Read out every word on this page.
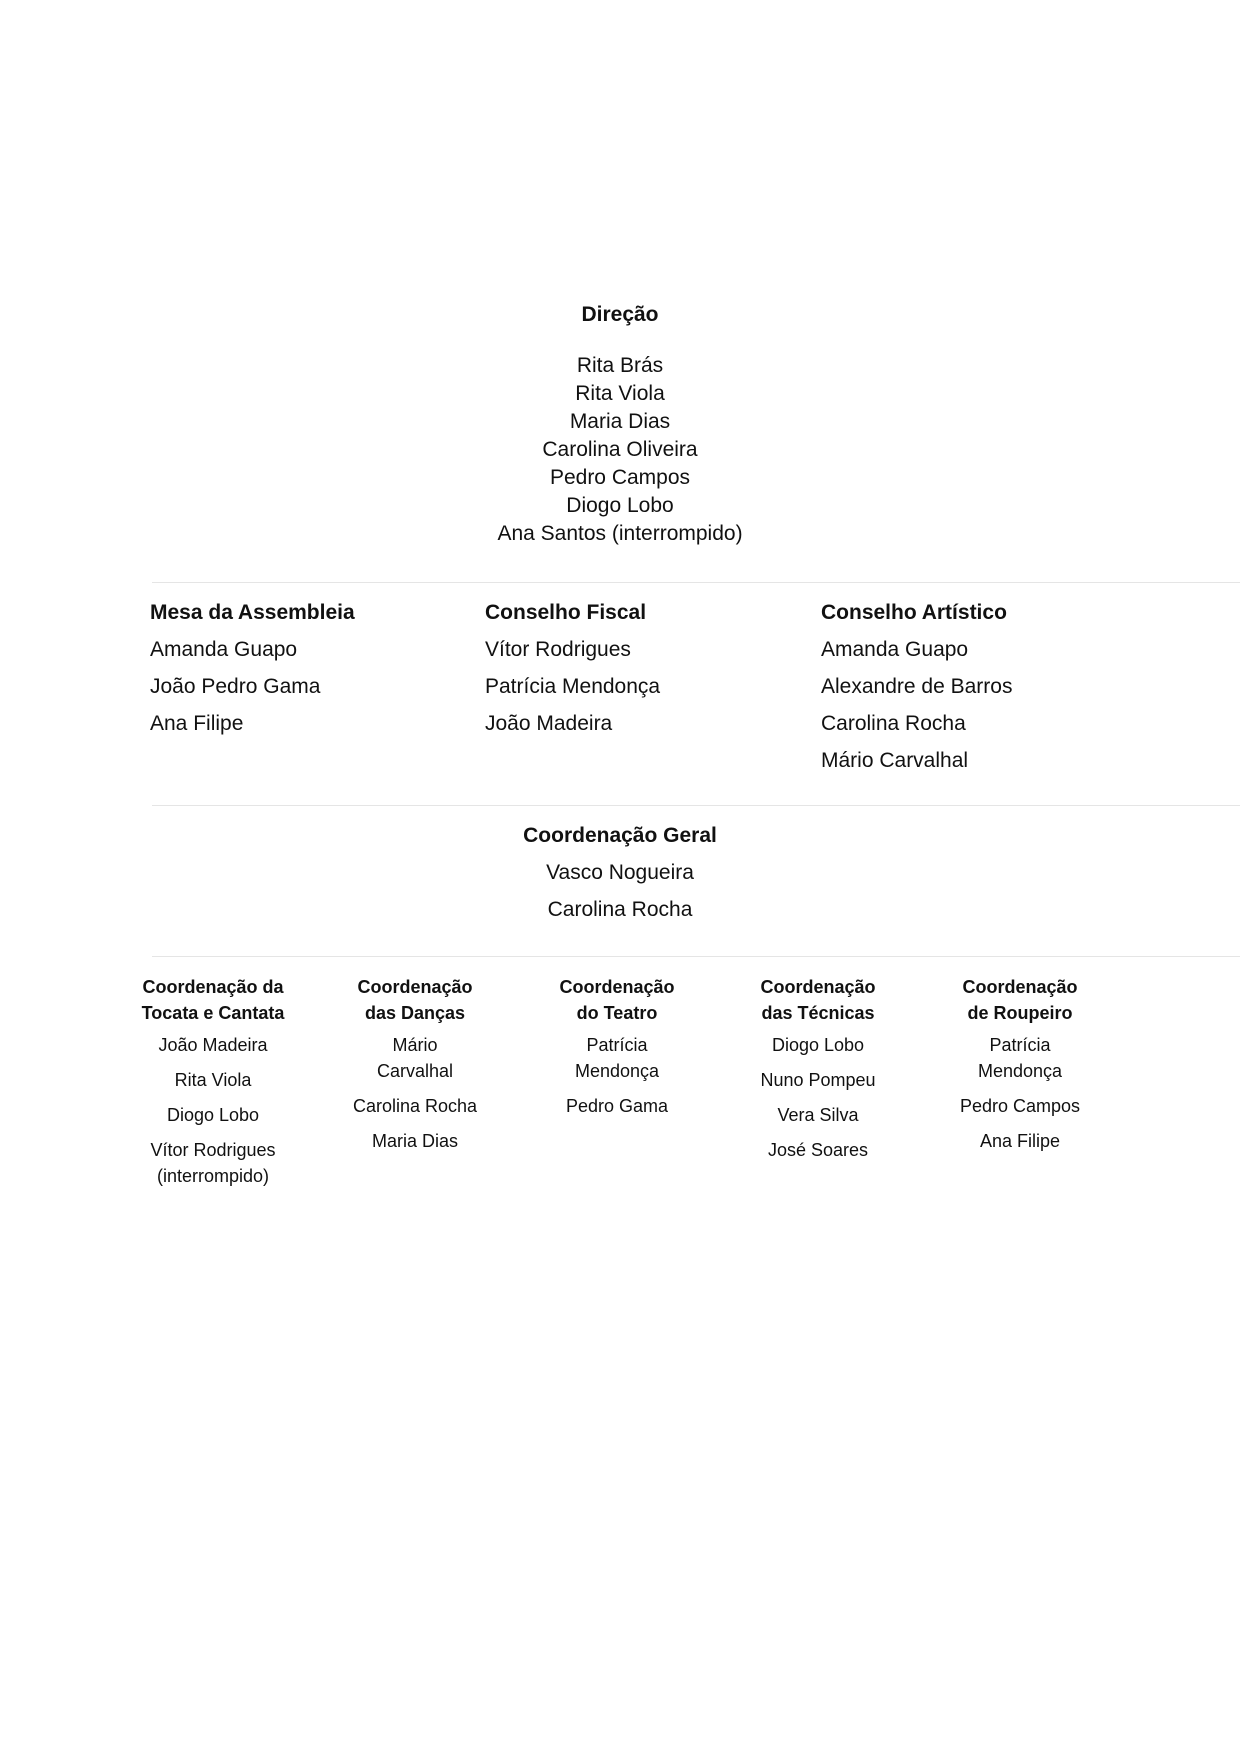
Direção
Rita Brás
Rita Viola
Maria Dias
Carolina Oliveira
Pedro Campos
Diogo Lobo
Ana Santos (interrompido)
Mesa da Assembleia
Amanda Guapo
João Pedro Gama
Ana Filipe
Conselho Fiscal
Vítor Rodrigues
Patrícia Mendonça
João Madeira
Conselho Artístico
Amanda Guapo
Alexandre de Barros
Carolina Rocha
Mário Carvalhal
Coordenação Geral
Vasco Nogueira
Carolina Rocha
Coordenação da Tocata e Cantata
João Madeira
Rita Viola
Diogo Lobo
Vítor Rodrigues (interrompido)
Coordenação das Danças
Mário Carvalhal
Carolina Rocha
Maria Dias
Coordenação do Teatro
Patrícia Mendonça
Pedro Gama
Coordenação das Técnicas
Diogo Lobo
Nuno Pompeu
Vera Silva
José Soares
Coordenação de Roupeiro
Patrícia Mendonça
Pedro Campos
Ana Filipe
